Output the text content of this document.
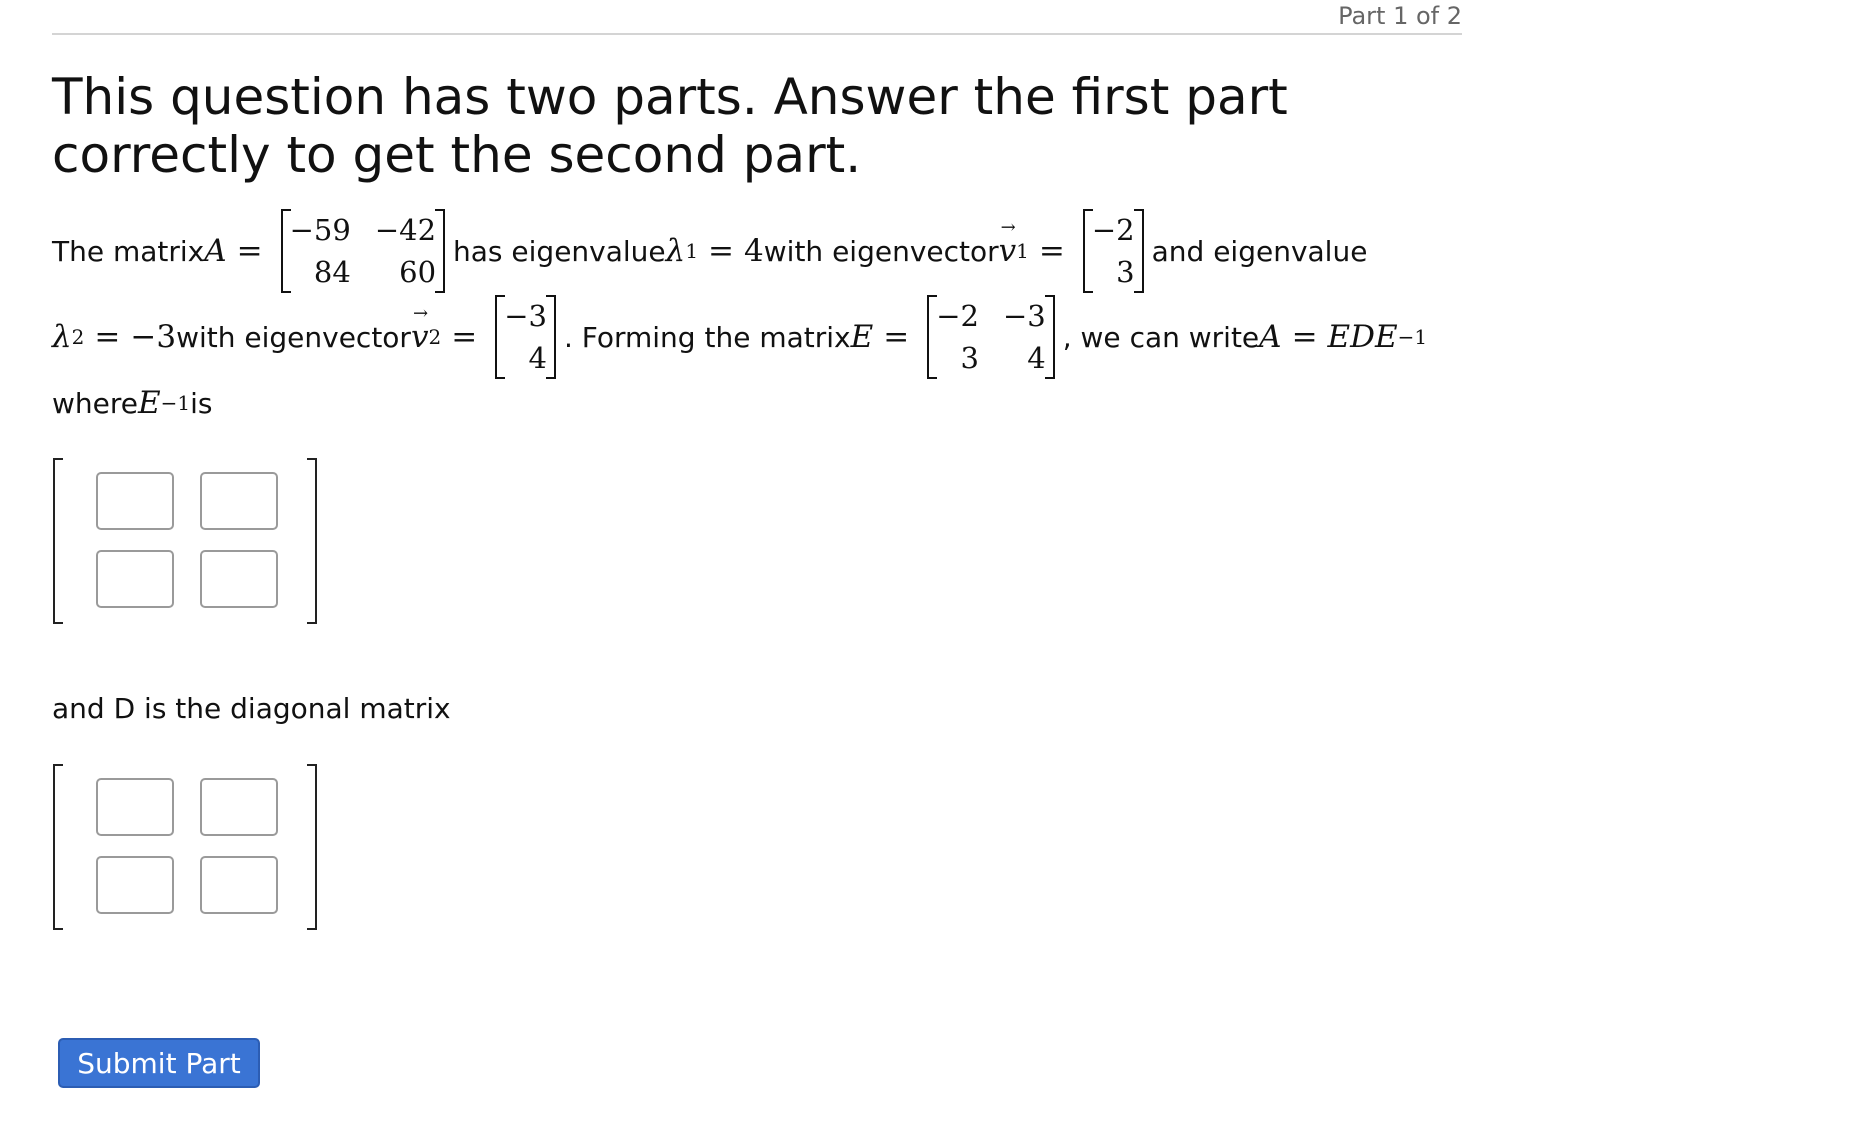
Part 1 of 2
This question has two parts. Answer the first part correctly to get the second part.
The matrix A =
−59 −42
84	60
has eigenvalue λ 1 = 4 with eigenvector → v 1 =
−2
3
and eigenvalue
λ 2 = −3 with eigenvector → v 2 =
−3
4
. Forming the matrix E =
−2 −3
3	4
, we can write A = EDE −1
where E −1 is
and D is the diagonal matrix
Submit Part
